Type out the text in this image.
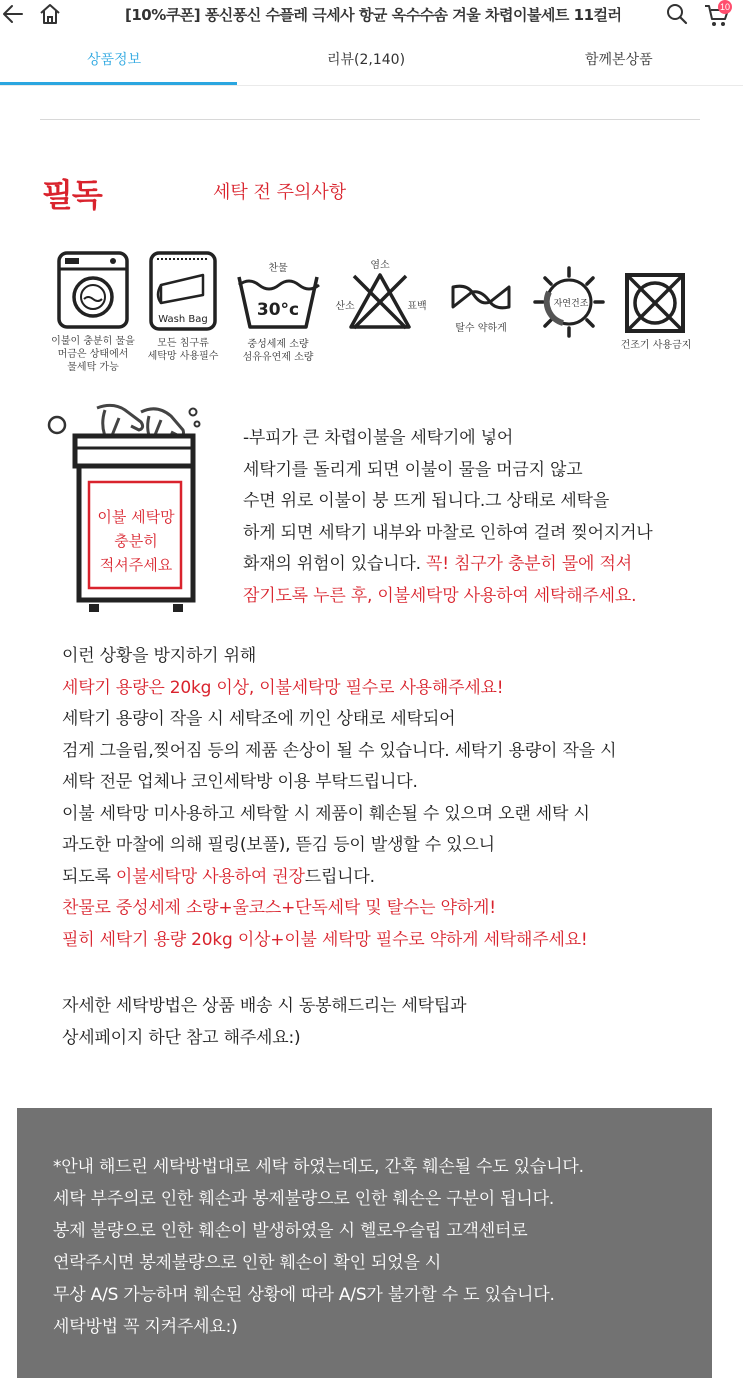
[10%쿠폰] 퐁신퐁신 수플레 극세사 항균 옥수수솜 겨울 차렵이불세트 11컬러	10
상품정보	리뷰(2,140)	함께본상품
필독	세탁 전 주의사항
이불이 충분히 물을
머금은 상태에서
물세탁 가능
Wash Bag
모든 침구류
세탁망 사용필수
찬물
30°c
중성세제 소량
섬유유연제 소량
염소
산소	표백
탈수 약하게
자연건조
건조기 사용금지
이불 세탁망
충분히
적셔주세요
-부피가 큰 차렵이불을 세탁기에 넣어
세탁기를 돌리게 되면 이불이 물을 머금지 않고
수면 위로 이불이 붕 뜨게 됩니다.그 상태로 세탁을
하게 되면 세탁기 내부와 마찰로 인하여 걸려 찢어지거나
화재의 위험이 있습니다. 꼭! 침구가 충분히 물에 적셔
잠기도록 누른 후, 이불세탁망 사용하여 세탁해주세요.
이런 상황을 방지하기 위해
세탁기 용량은 20kg 이상, 이불세탁망 필수로 사용해주세요!
세탁기 용량이 작을 시 세탁조에 끼인 상태로 세탁되어
검게 그을림,찢어짐 등의 제품 손상이 될 수 있습니다. 세탁기 용량이 작을 시
세탁 전문 업체나 코인세탁방 이용 부탁드립니다.
이불 세탁망 미사용하고 세탁할 시 제품이 훼손될 수 있으며 오랜 세탁 시
과도한 마찰에 의해 필링(보풀), 뜯김 등이 발생할 수 있으니
되도록 이불세탁망 사용하여 권장드립니다.
찬물로 중성세제 소량+울코스+단독세탁 및 탈수는 약하게!
필히 세탁기 용량 20kg 이상+이불 세탁망 필수로 약하게 세탁해주세요!
자세한 세탁방법은 상품 배송 시 동봉해드리는 세탁팁과
상세페이지 하단 참고 해주세요:)
*안내 해드린 세탁방법대로 세탁 하였는데도, 간혹 훼손될 수도 있습니다.
세탁 부주의로 인한 훼손과 봉제불량으로 인한 훼손은 구분이 됩니다.
봉제 불량으로 인한 훼손이 발생하였을 시 헬로우슬립 고객센터로
연락주시면 봉제불량으로 인한 훼손이 확인 되었을 시
무상 A/S 가능하며 훼손된 상황에 따라 A/S가 불가할 수 도 있습니다.
세탁방법 꼭 지켜주세요:)
